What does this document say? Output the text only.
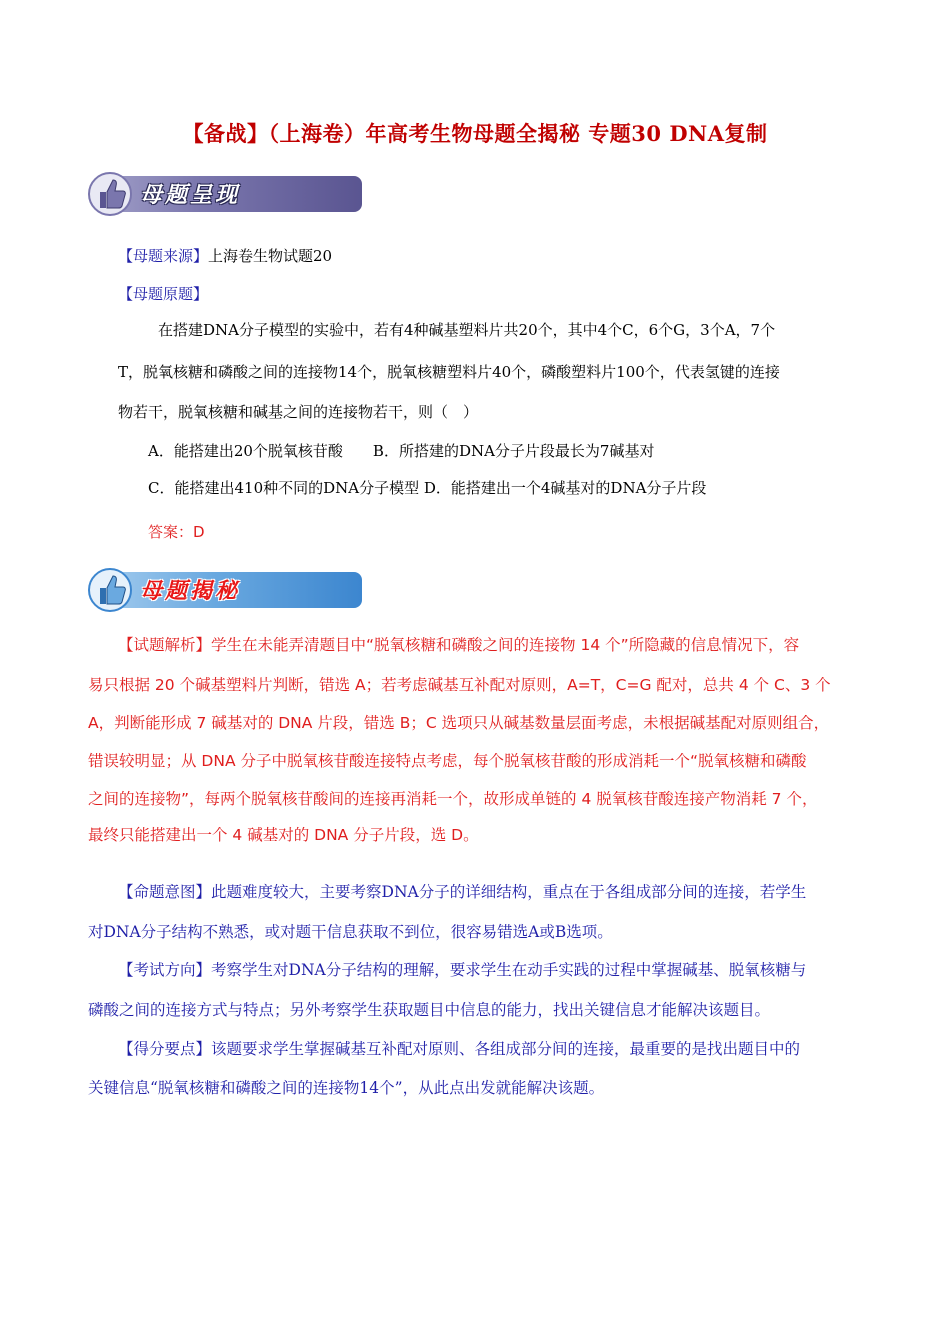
【备战】（上海卷）年高考生物母题全揭秘 专题30 DNA复制
母题呈现
【母题来源】上海卷生物试题20
【母题原题】
在搭建DNA分子模型的实验中，若有4种碱基塑料片共20个，其中4个C，6个G，3个A，7个
T，脱氧核糖和磷酸之间的连接物14个，脱氧核糖塑料片40个，磷酸塑料片100个，代表氢键的连接
物若干，脱氧核糖和碱基之间的连接物若干，则（　）
A．能搭建出20个脱氧核苷酸　　B．所搭建的DNA分子片段最长为7碱基对
C．能搭建出410种不同的DNA分子模型 D．能搭建出一个4碱基对的DNA分子片段
答案：D
母题揭秘
【试题解析】学生在未能弄清题目中“脱氧核糖和磷酸之间的连接物 14 个”所隐藏的信息情况下，容
易只根据 20 个碱基塑料片判断，错选 A；若考虑碱基互补配对原则，A=T，C=G 配对，总共 4 个 C、3 个
A，判断能形成 7 碱基对的 DNA 片段，错选 B；C 选项只从碱基数量层面考虑，未根据碱基配对原则组合，
错误较明显；从 DNA 分子中脱氧核苷酸连接特点考虑，每个脱氧核苷酸的形成消耗一个“脱氧核糖和磷酸
之间的连接物”，每两个脱氧核苷酸间的连接再消耗一个，故形成单链的 4 脱氧核苷酸连接产物消耗 7 个，
最终只能搭建出一个 4 碱基对的 DNA 分子片段，选 D。
【命题意图】此题难度较大，主要考察DNA分子的详细结构，重点在于各组成部分间的连接，若学生
对DNA分子结构不熟悉，或对题干信息获取不到位，很容易错选A或B选项。
【考试方向】考察学生对DNA分子结构的理解，要求学生在动手实践的过程中掌握碱基、脱氧核糖与
磷酸之间的连接方式与特点；另外考察学生获取题目中信息的能力，找出关键信息才能解决该题目。
【得分要点】该题要求学生掌握碱基互补配对原则、各组成部分间的连接，最重要的是找出题目中的
关键信息“脱氧核糖和磷酸之间的连接物14个”，从此点出发就能解决该题。
